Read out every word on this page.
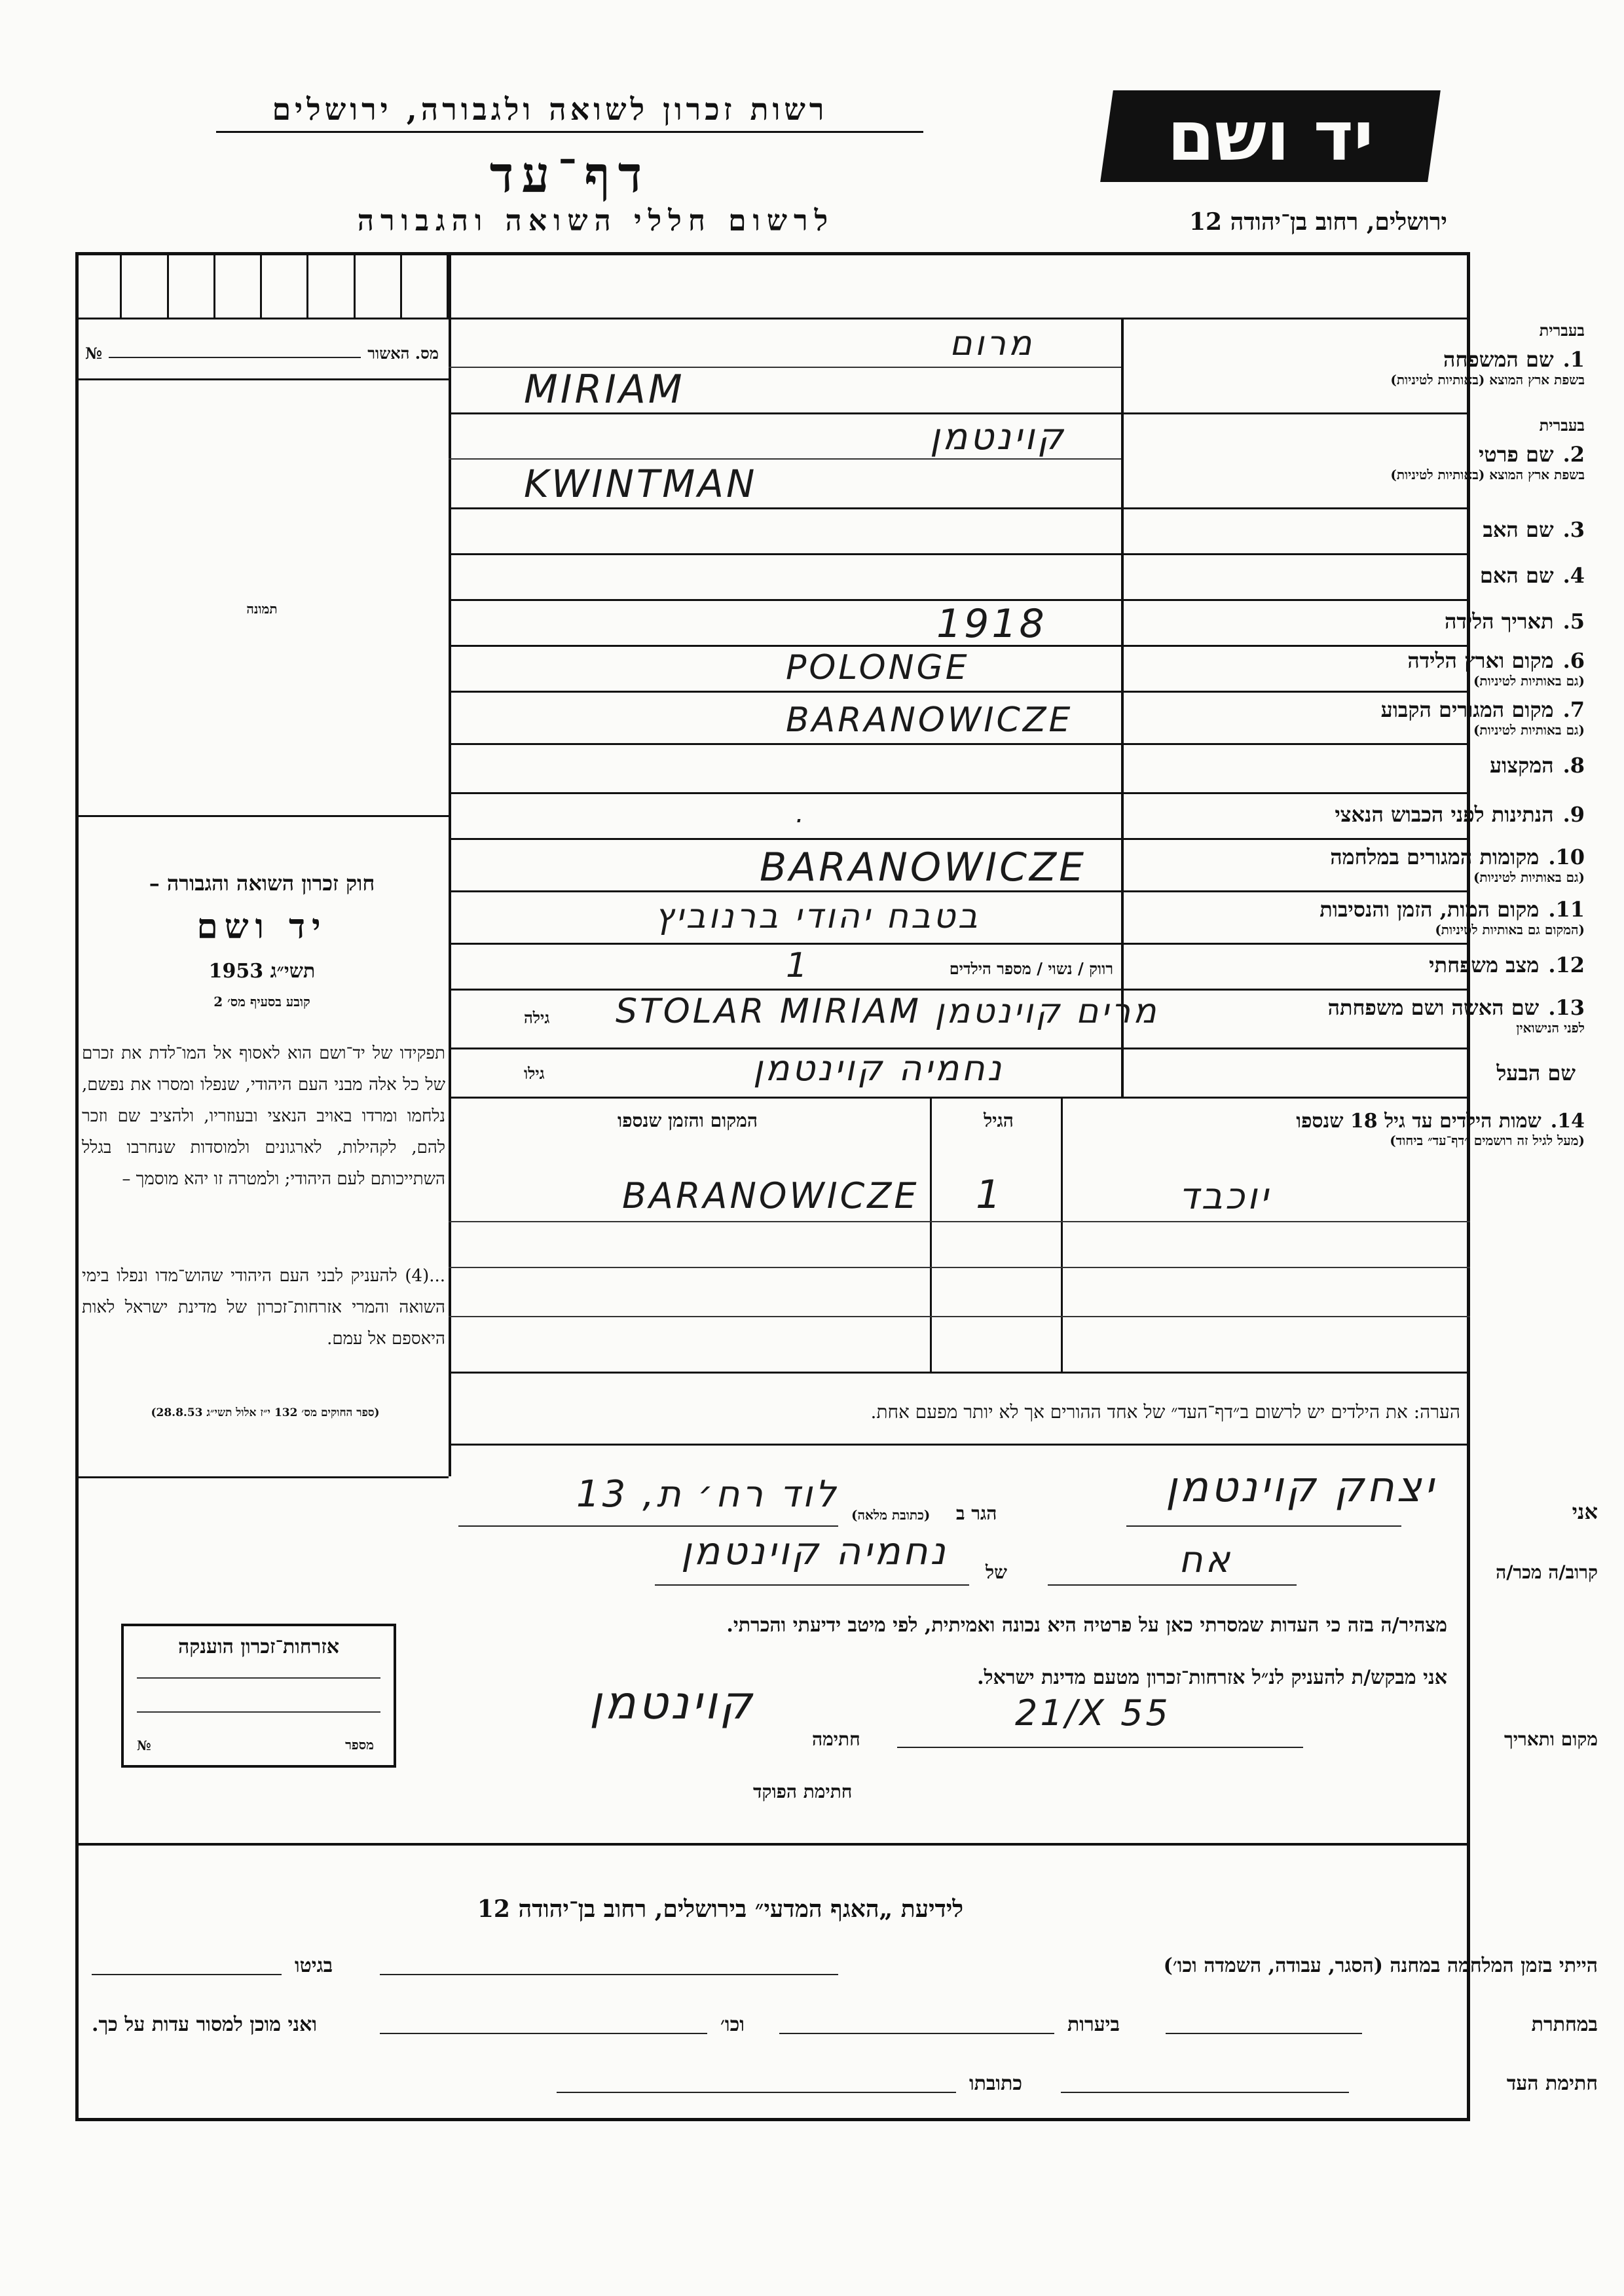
רשות זכרון לשואה ולגבורה, ירושלים
דף־עד
לרשום חללי השואה והגבורה
יד ושם
ירושלים, רחוב בן־יהודה 12
№	מס. האשור
תמונה
חוק זכרון השואה והגבורה –
יד ושם
תשי״ג 1953
קובע בסעיף מס׳ 2
תפקידו של יד־ושם הוא לאסוף אל המו־לדת את זכרם של כל אלה מבני העם היהודי, שנפלו ומסרו את נפשם, נלחמו ומרדו באויב הנאצי ובעוזריו, ולהציב שם וזכר להם, לקהילות, לארגונים ולמוסדות שנחרבו בגלל השתייכותם לעם היהודי; ולמטרה זו יהא מוסמך –
...(4) להעניק לבני העם היהודי שהוש־מדו ונפלו בימי השואה והמרי אזרחות־זכרון של מדינת ישראל לאות היאספם אל עמם.
(ספר החוקים מס׳ 132 י״ז אלול תשי״ג 28.8.53)
אזרחות־זכרון הוענקה
מספר
№
בעברית
1.
שם המשפחה
בשפת ארץ המוצא (באותיות לטיניות)
מרום
MIRIAM
בעברית
2.
שם פרטי
בשפת ארץ המוצא (באותיות לטיניות)
קוינטמן
KWINTMAN
3.
שם האב
4.
שם האם
5.
תאריך הלידה
1918
6.
מקום וארץ הלידה
(גם באותיות לטיניות)
POLONGE
7.
מקום המגורים הקבוע
(גם באותיות לטיניות)
BARANOWICZE
8.
המקצוע
9.
הנתינות לפני הכבוש הנאצי
.
10.
מקומות המגורים במלחמה
(גם באותיות לטיניות)
BARANOWICZE
11.
מקום המות, הזמן והנסיבות
(המקום גם באותיות לטיניות)
בטבח יהודי ברנוביץ
12.
מצב משפחתי
רווק / נשוי / מספר הילדים
1
13.
שם האשה ושם משפחתה
לפני הנישואין
גילה מרים קוינטמן STOLAR MIRIAM
שם הבעל
גילו	נחמיה קוינטמן
14.
שמות הילדים עד גיל 18 שנספו
(מעל לגיל זה רושמים ״דף־עד״ ביחוד)
הגיל
המקום והזמן שנספו
יוכבד
1
BARANOWICZE
הערה: את הילדים יש לרשום ב״דף־העד״ של אחד ההורים אך לא יותר מפעם אחת.
אני
יצחק קוינטמן
הגר ב
(כתובת מלאה)
לוד רח׳ ת, 13
קרוב/ה מכר/ה
אח
של
נחמיה קוינטמן
מצהיר/ה בזה כי העדות שמסרתי כאן על פרטיה היא נכונה ואמיתית, לפי מיטב ידיעתי והכרתי.
אני מבקש/ת להעניק לנ״ל אזרחות־זכרון מטעם מדינת ישראל.
מקום ותאריך
21/X 55
חתימה
קוינטמן
חתימת הפוקד
לידיעת „האגף המדעי״ בירושלים, רחוב בן־יהודה 12
הייתי בזמן המלחמה במחנה (הסגר, עבודה, השמדה וכו׳)
בגיטו
במחתרת
ביערות
וכו׳
ואני מוכן למסור עדות על כך.
חתימת העד
כתובתו
